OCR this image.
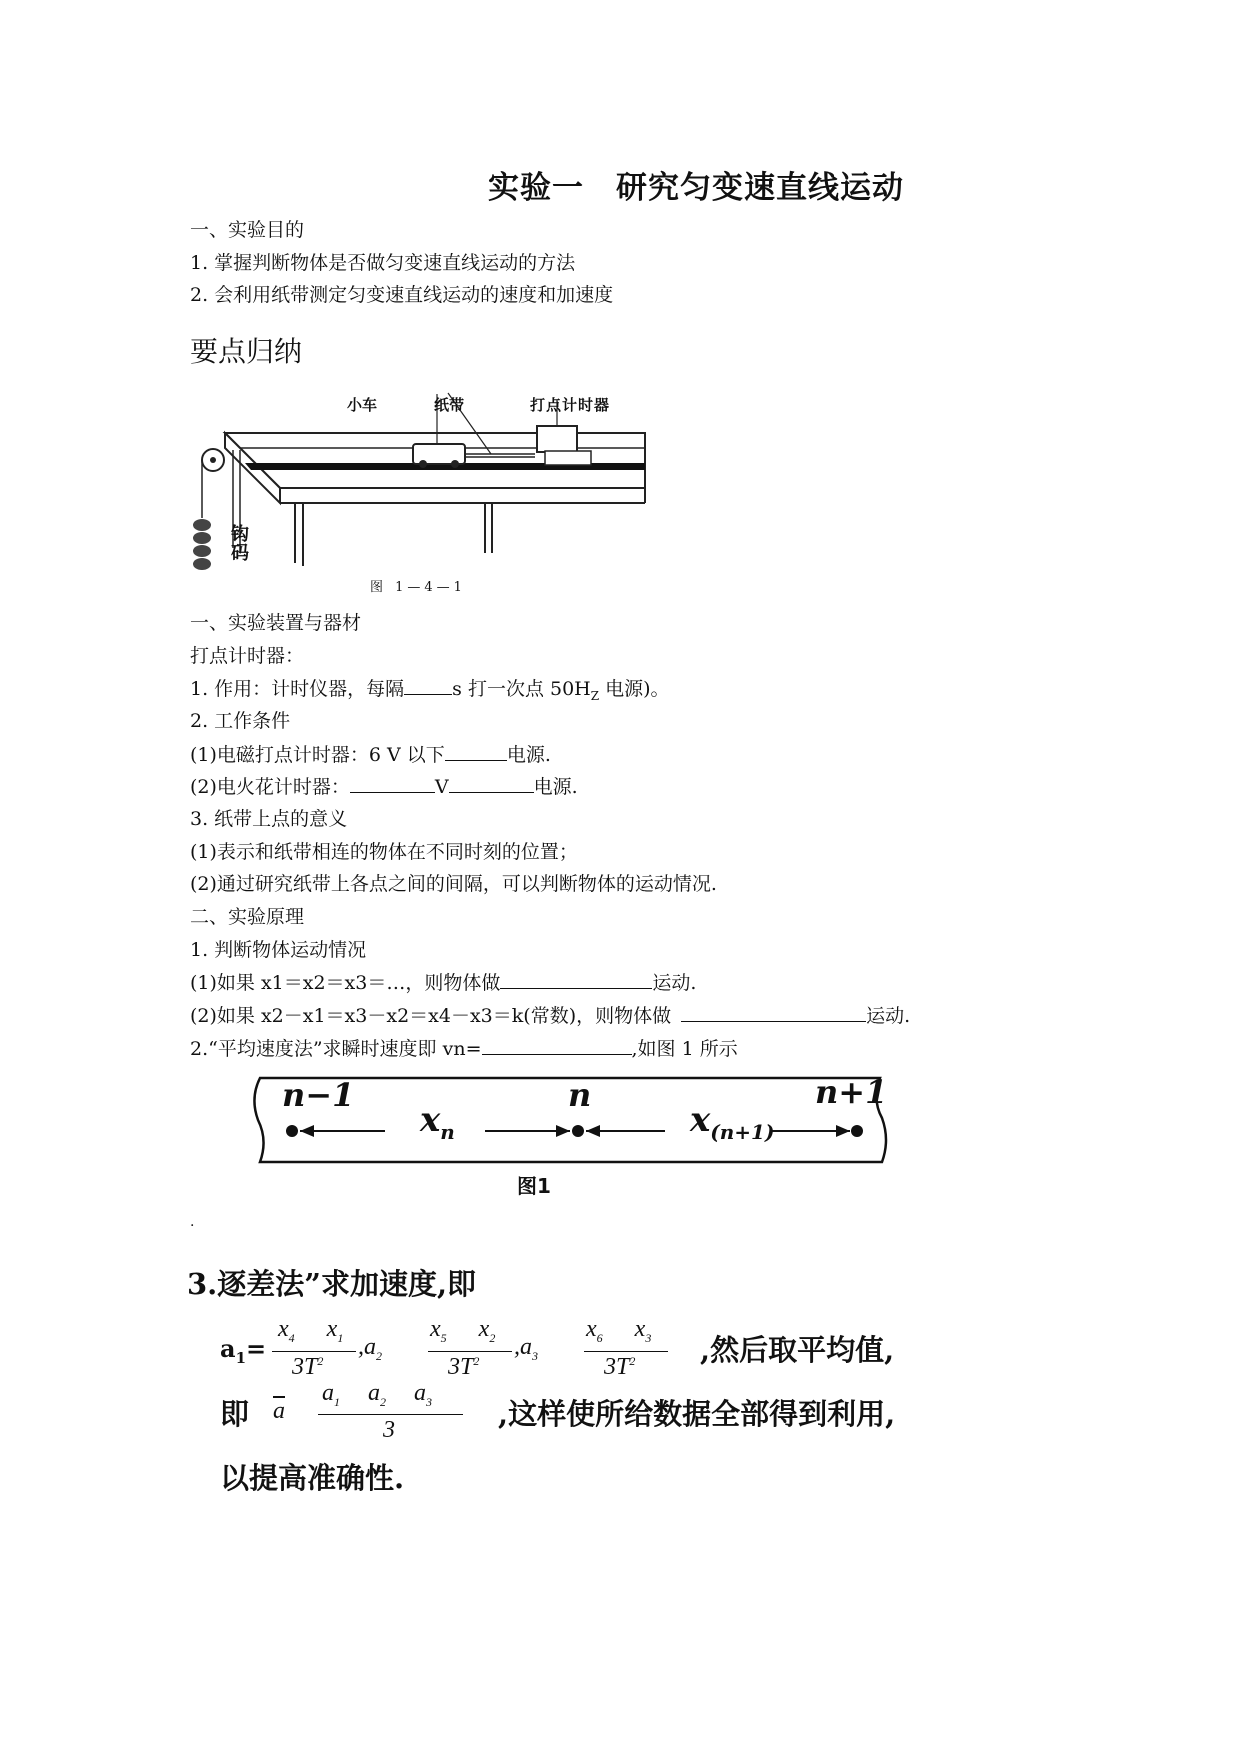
实验一　研究匀变速直线运动
一、实验目的
1. 掌握判断物体是否做匀变速直线运动的方法
2. 会利用纸带测定匀变速直线运动的速度和加速度
要点归纳
小车	纸带	打点计时器
钩
码
图 1—4—1
一、实验装置与器材
打点计时器：
1. 作用：计时仪器，每隔	s 打一次点 $50H_Z$ 电源)。
2. 工作条件
(1)电磁打点计时器：6 V 以下	电源.
(2)电火花计时器：	V	电源.
3. 纸带上点的意义
(1)表示和纸带相连的物体在不同时刻的位置；
(2)通过研究纸带上各点之间的间隔，可以判断物体的运动情况.
二、实验原理
1. 判断物体运动情况
(1)如果 x1＝x2＝x3＝…，则物体做	运动.
(2)如果 x2－x1＝x3－x2＝x4－x3＝k(常数)，则物体做	运动.
2.“平均速度法”求瞬时速度即 vn=	,如图 1 所示
n−1	n	n+1
$x_n$	$x_{(n+1)}$
图1
·
3.逐差法”求加速度,即
$a_1=$
$x_4$ $x_1$
$3T^2$
$,a_2$
$x_5$ $x_2$
$3T^2$
$,a_3$
$x_6$ $x_3$
$3T^2$ ,然后取平均值,
即 $\overline{a}$
$a_1$ $a_2$ $a_3$
3	,这样使所给数据全部得到利用,
以提高准确性.
